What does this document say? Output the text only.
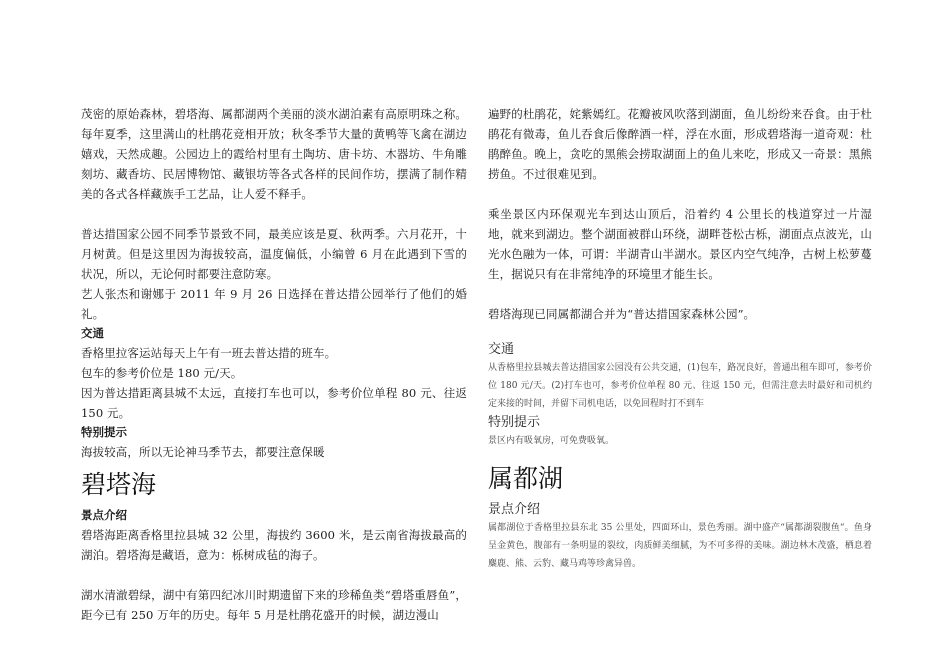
茂密的原始森林，碧塔海、属都湖两个美丽的淡水湖泊素有高原明珠之称。每年夏季，这里满山的杜鹃花竞相开放；秋冬季节大量的黄鸭等飞禽在湖边嬉戏，天然成趣。公园边上的霞给村里有土陶坊、唐卡坊、木器坊、牛角雕刻坊、藏香坊、民居博物馆、藏银坊等各式各样的民间作坊，摆满了制作精美的各式各样藏族手工艺品，让人爱不释手。

普达措国家公园不同季节景致不同，最美应该是夏、秋两季。六月花开，十月树黄。但是这里因为海拔较高，温度偏低，小编曾 6 月在此遇到下雪的状况，所以，无论何时都要注意防寒。

艺人张杰和谢娜于 2011 年 9 月 26 日选择在普达措公园举行了他们的婚礼。

交通

香格里拉客运站每天上午有一班去普达措的班车。

包车的参考价位是 180 元/天。

因为普达措距离县城不太远，直接打车也可以，参考价位单程 80 元、往返 150 元。

特别提示

海拔较高，所以无论神马季节去，都要注意保暖

碧塔海

景点介绍

碧塔海距离香格里拉县城 32 公里，海拔约 3600 米，是云南省海拔最高的湖泊。碧塔海是藏语，意为：栎树成毡的海子。

湖水清澈碧绿，湖中有第四纪冰川时期遗留下来的珍稀鱼类“碧塔重唇鱼”，距今已有 250 万年的历史。每年 5 月是杜鹃花盛开的时候，湖边漫山

遍野的杜鹃花，姹紫嫣红。花瓣被风吹落到湖面，鱼儿纷纷来吞食。由于杜鹃花有微毒，鱼儿吞食后像醉酒一样，浮在水面，形成碧塔海一道奇观：杜鹃醉鱼。晚上，贪吃的黑熊会捞取湖面上的鱼儿来吃，形成又一奇景：黑熊捞鱼。不过很难见到。

乘坐景区内环保观光车到达山顶后，沿着约 4 公里长的栈道穿过一片湿地，就来到湖边。整个湖面被群山环绕，湖畔苍松古栎，湖面点点波光，山光水色融为一体，可谓：半湖青山半湖水。景区内空气纯净，古树上松萝蔓生，据说只有在非常纯净的环境里才能生长。

碧塔海现已同属都湖合并为“普达措国家森林公园”。

交通

从香格里拉县城去普达措国家公园没有公共交通，(1)包车，路况良好，普通出租车即可，参考价位 180 元/天。(2)打车也可，参考价位单程 80 元、往返 150 元，但需注意去时最好和司机约定来接的时间，并留下司机电话，以免回程时打不到车

特别提示

景区内有吸氧房，可免费吸氧。

属都湖

景点介绍

属都湖位于香格里拉县东北 35 公里处，四面环山，景色秀丽。湖中盛产“属都湖裂腹鱼“。鱼身呈金黄色，腹部有一条明显的裂纹，肉质鲜美细腻，为不可多得的美味。湖边林木茂盛，栖息着麋鹿、熊、云豹、藏马鸡等珍禽异兽。
